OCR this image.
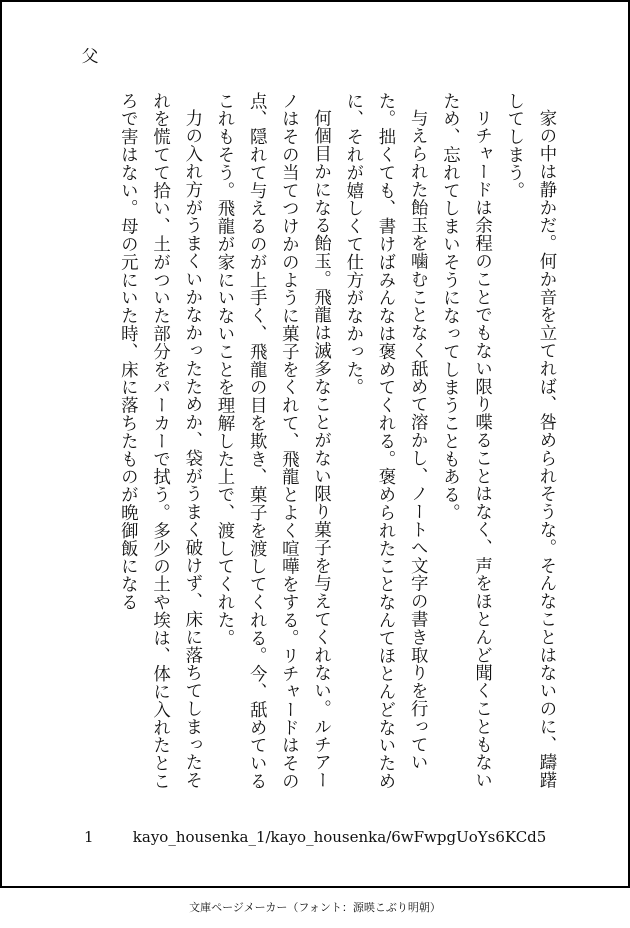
父

家の中は静かだ。何か音を立てれば、咎められそうな。そんなことはないのに、躊躇してしまう。

リチャードは余程のことでもない限り喋ることはなく、声をほとんど聞くこともないため、忘れてしまいそうになってしまうこともある。

与えられた飴玉を噛むことなく舐めて溶かし、ノートへ文字の書き取りを行っていた。拙くても、書けばみんなは褒めてくれる。褒められたことなんてほとんどないために、それが嬉しくて仕方がなかった。

何個目かになる飴玉。飛龍は滅多なことがない限り菓子を与えてくれない。ルチアーノはその当てつけかのように菓子をくれて、飛龍とよく喧嘩をする。リチャードはその点、隠れて与えるのが上手く、飛龍の目を欺き、菓子を渡してくれる。今、舐めているこれもそう。飛龍が家にいないことを理解した上で、渡してくれた。

力の入れ方がうまくいかなかったためか、袋がうまく破けず、床に落ちてしまったそれを慌てて拾い、土がついた部分をパーカーで拭う。多少の土や埃は、体に入れたところで害はない。母の元にいた時、床に落ちたものが晩御飯になる

1	kayo_housenka_1/kayo_housenka/6wFwpgUoYs6KCd5
文庫ページメーカー（フォント：源暎こぶり明朝）
